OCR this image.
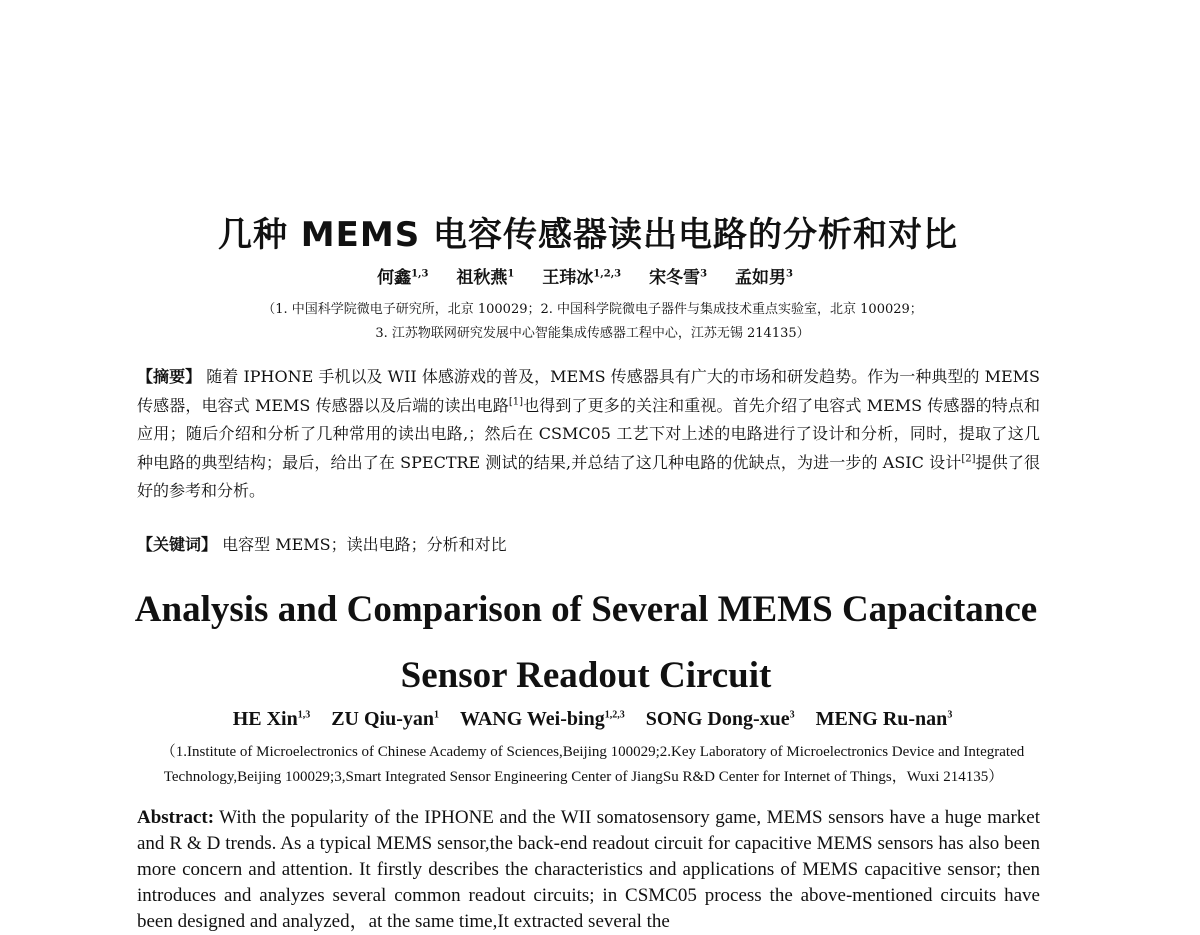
几种 MEMS 电容传感器读出电路的分析和对比
何鑫$^{1,3}$ 祖秋燕$^1$ 王玮冰$^{1,2,3}$ 宋冬雪$^3$ 孟如男$^3$
（1. 中国科学院微电子研究所，北京 100029；2. 中国科学院微电子器件与集成技术重点实验室，北京 100029；
3. 江苏物联网研究发展中心智能集成传感器工程中心，江苏无锡 214135）
【摘要】 随着 IPHONE 手机以及 WII 体感游戏的普及，MEMS 传感器具有广大的市场和研发趋势。作为一种典型的 MEMS 传感器，电容式 MEMS 传感器以及后端的读出电路[1]也得到了更多的关注和重视。首先介绍了电容式 MEMS 传感器的特点和应用；随后介绍和分析了几种常用的读出电路,；然后在 CSMC05 工艺下对上述的电路进行了设计和分析，同时，提取了这几种电路的典型结构；最后，给出了在 SPECTRE 测试的结果,并总结了这几种电路的优缺点，为进一步的 ASIC 设计[2]提供了很好的参考和分析。
【关键词】 电容型 MEMS；读出电路；分析和对比
Analysis and Comparison of Several MEMS Capacitance
Sensor Readout Circuit
HE Xin$^{1,3}$ ZU Qiu-yan$^1$ WANG Wei-bing$^{1,2,3}$ SONG Dong-xue$^3$ MENG Ru-nan$^3$
（1.Institute of Microelectronics of Chinese Academy of Sciences,Beijing 100029;2.Key Laboratory of Microelectronics Device and Integrated
Technology,Beijing 100029;3,Smart Integrated Sensor Engineering Center of JiangSu R&D Center for Internet of Things，Wuxi 214135）
Abstract: With the popularity of the IPHONE and the WII somatosensory game, MEMS sensors have a huge market and R & D trends. As a typical MEMS sensor,the back-end readout circuit for capacitive MEMS sensors has also been more concern and attention. It firstly describes the characteristics and applications of MEMS capacitive sensor; then introduces and analyzes several common readout circuits; in CSMC05 process the above-mentioned circuits have been designed and analyzed，at the same time,It extracted several the
